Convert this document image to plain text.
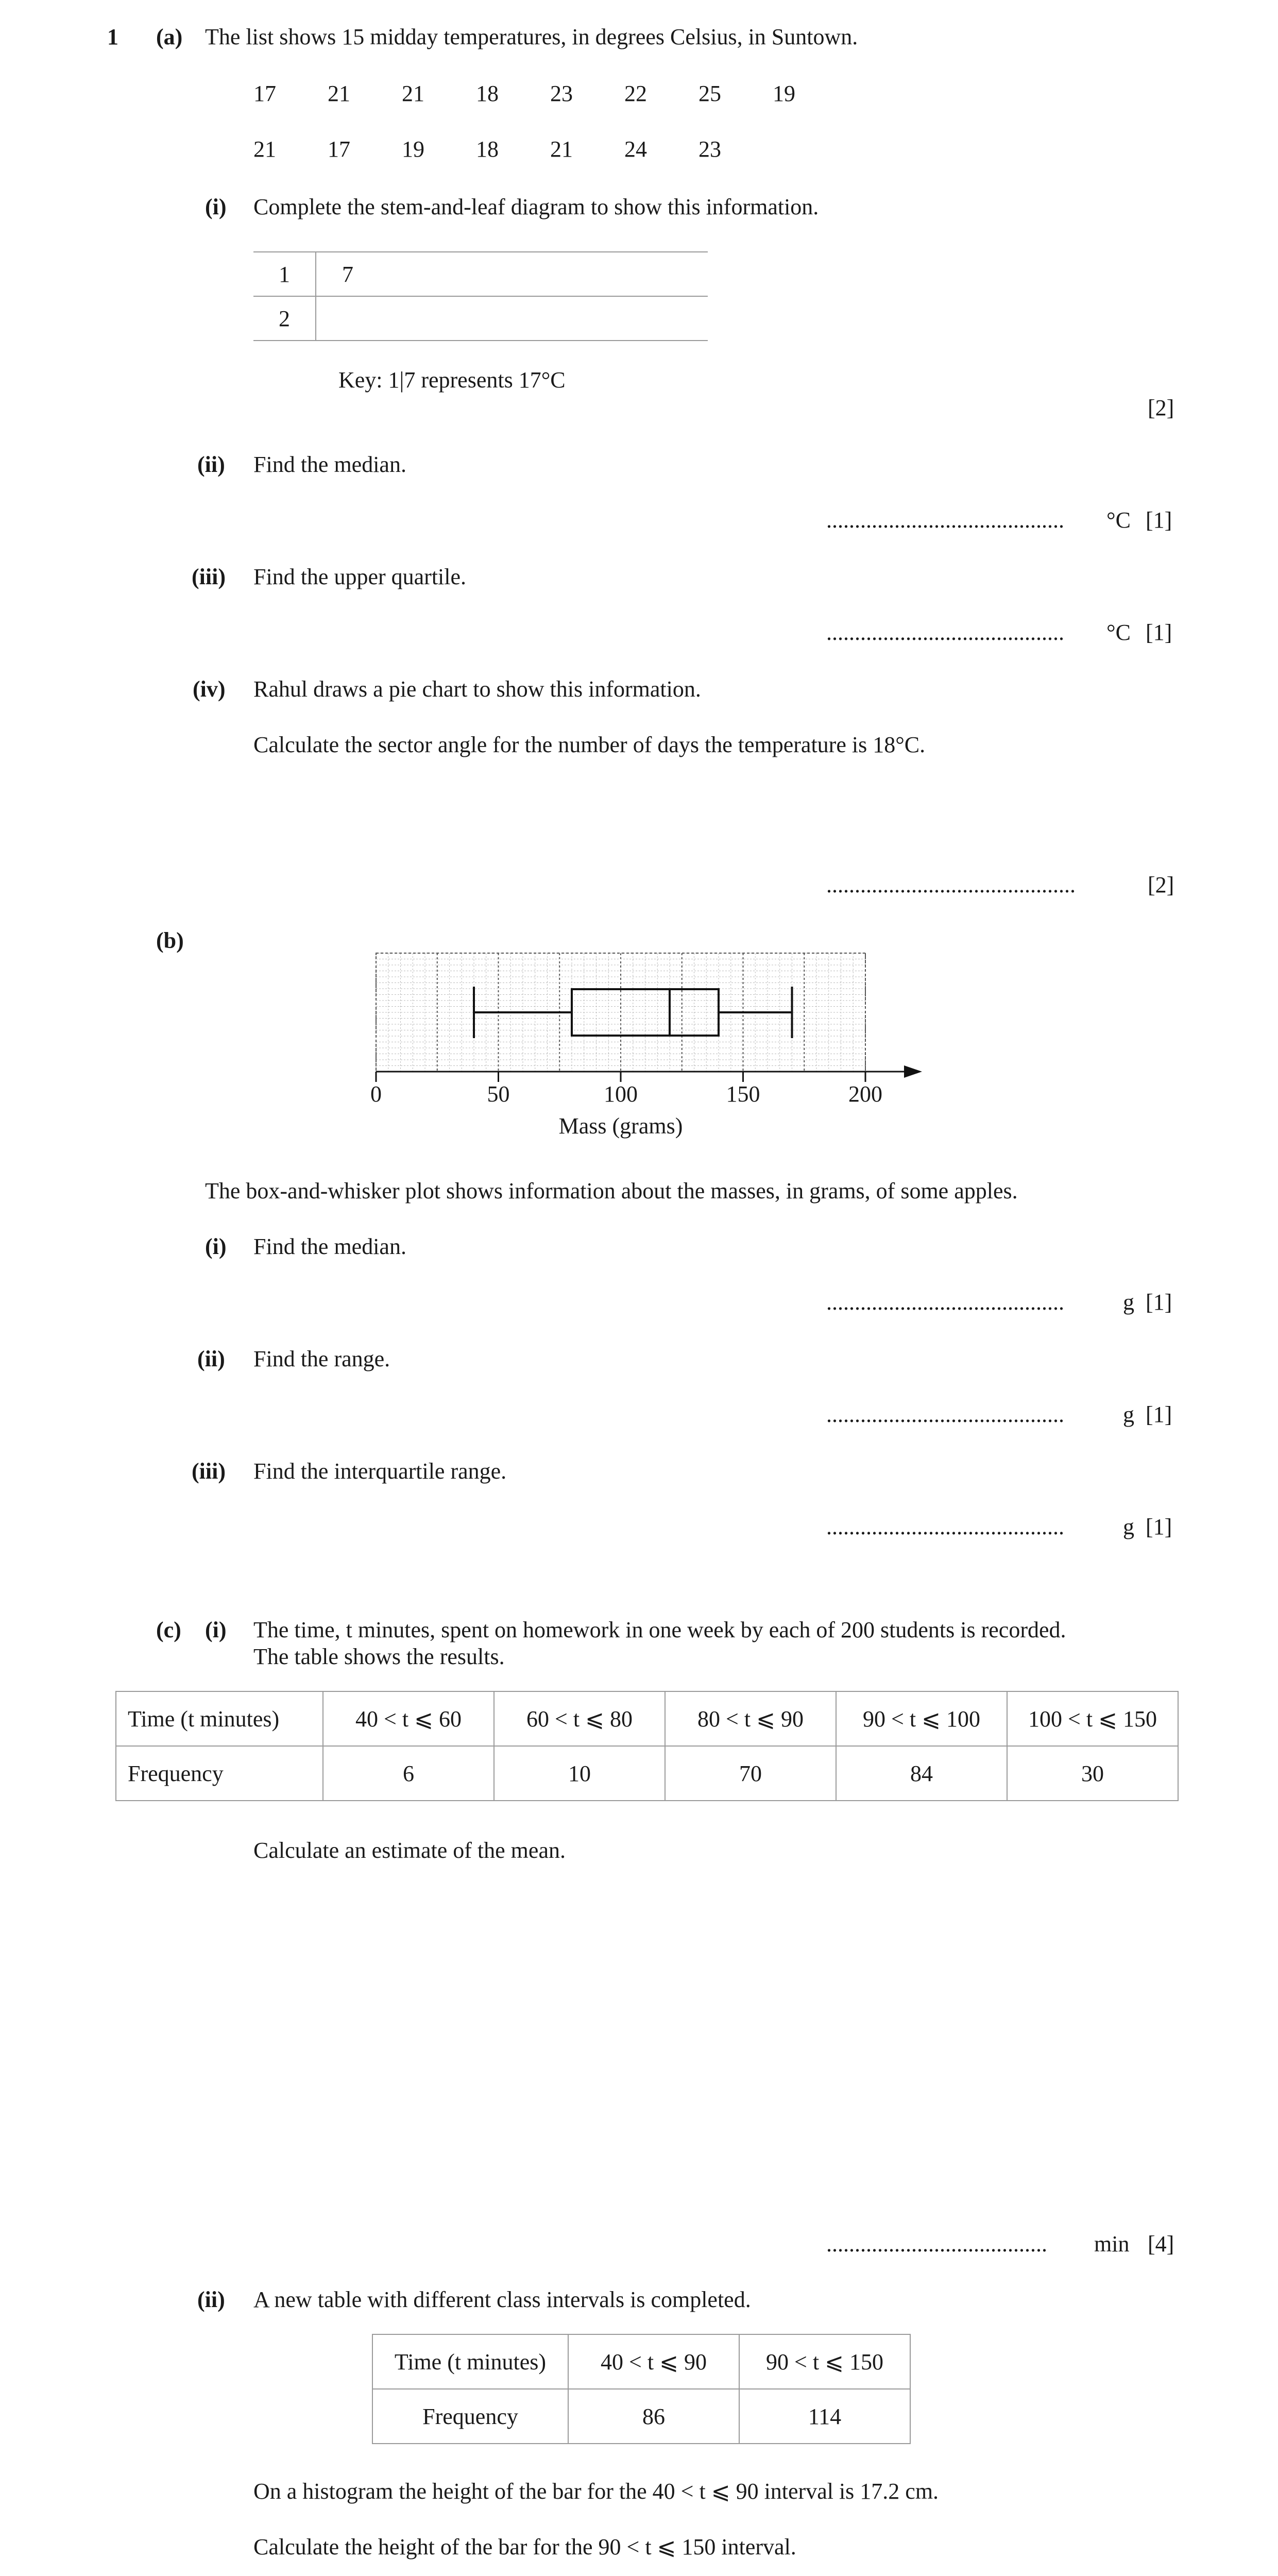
1 (a) The list shows 15 midday temperatures, in degrees Celsius, in Suntown.
17 21 21 18 23 22 25 19
21 17 19 18 21 24 23
(i) Complete the stem-and-leaf diagram to show this information.
1	7
2	
Key: 1|7 represents 17°C
[2]
(ii) Find the median.
.......................................... °C [1]
(iii) Find the upper quartile.
.......................................... °C [1]
(iv) Rahul draws a pie chart to show this information.
Calculate the sector angle for the number of days the temperature is 18°C.
............................................	[2]
(b)
0	50	100	150	200
Mass (grams)
The box-and-whisker plot shows information about the masses, in grams, of some apples.
(i) Find the median.
..........................................	g [1]
(ii) Find the range.
..........................................	g [1]
(iii) Find the interquartile range.
..........................................	g [1]
(c) (i) The time, t minutes, spent on homework in one week by each of 200 students is recorded.
The table shows the results.
Time (t minutes)	40 < t ⩽ 60	60 < t ⩽ 80	80 < t ⩽ 90	90 < t ⩽ 100	100 < t ⩽ 150
Frequency	6	10	70	84	30
Calculate an estimate of the mean.
....................................... min [4]
(ii) A new table with different class intervals is completed.
Time (t minutes)	40 < t ⩽ 90	90 < t ⩽ 150
Frequency	86	114
On a histogram the height of the bar for the 40 < t ⩽ 90 interval is 17.2 cm.
Calculate the height of the bar for the 90 < t ⩽ 150 interval.
